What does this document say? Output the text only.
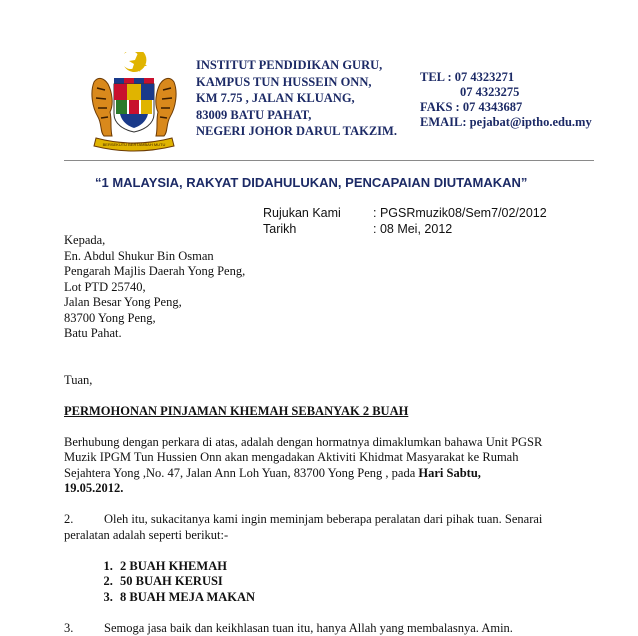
BERSEKUTU BERTAMBAH MUTU
INSTITUT PENDIDIKAN GURU,
KAMPUS TUN HUSSEIN ONN,
KM 7.75 , JALAN KLUANG,
83009 BATU PAHAT,
NEGERI JOHOR DARUL TAKZIM.
TEL : 07 4323271
07 4323275
FAKS : 07 4343687
EMAIL: pejabat@iptho.edu.my
“1 MALAYSIA, RAKYAT DIDAHULUKAN, PENCAPAIAN DIUTAMAKAN”
Rujukan Kami	: PGSRmuzik08/Sem7/02/2012
Tarikh	: 08 Mei, 2012
Kepada,
En. Abdul Shukur Bin Osman
Pengarah Majlis Daerah Yong Peng,
Lot PTD 25740,
Jalan Besar Yong Peng,
83700 Yong Peng,
Batu Pahat.
Tuan,
PERMOHONAN PINJAMAN KHEMAH SEBANYAK 2 BUAH
Berhubung dengan perkara di atas, adalah dengan hormatnya dimaklumkan bahawa Unit PGSR
Muzik IPGM Tun Hussien Onn akan mengadakan Aktiviti Khidmat Masyarakat ke Rumah
Sejahtera Yong ,No. 47, Jalan Ann Loh Yuan, 83700 Yong Peng , pada Hari Sabtu,
19.05.2012.
2. Oleh itu, sukacitanya kami ingin meminjam beberapa peralatan dari pihak tuan. Senarai
peralatan adalah seperti berikut:-
1. 2 BUAH KHEMAH
2. 50 BUAH KERUSI
3. 8 BUAH MEJA MAKAN
3. Semoga jasa baik dan keikhlasan tuan itu, hanya Allah yang membalasnya. Amin.
